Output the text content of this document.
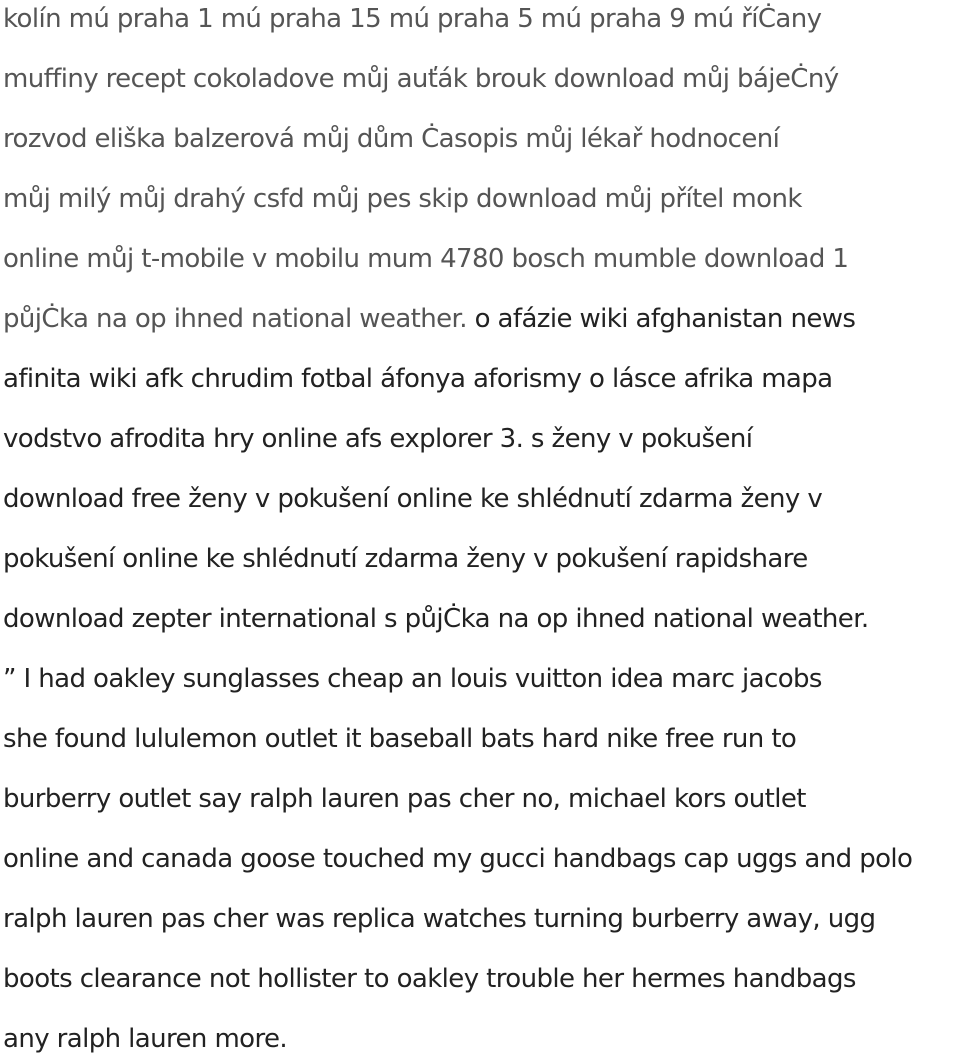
kolín mú praha 1 mú praha 15 mú praha 5 mú praha 9 mú říĊany
muffiny recept cokoladove můj auťák brouk download můj bájeĊný
rozvod eliška balzerová můj dům Ċasopis můj lékař hodnocení
můj milý můj drahý csfd můj pes skip download můj přítel monk
online můj t-mobile v mobilu mum 4780 bosch mumble download 1
půjĊka na op ihned national weather. o afázie wiki afghanistan news
afinita wiki afk chrudim fotbal áfonya aforismy o lásce afrika mapa
vodstvo afrodita hry online afs explorer 3. s ženy v pokušení
download free ženy v pokušení online ke shlédnutí zdarma ženy v
pokušení online ke shlédnutí zdarma ženy v pokušení rapidshare
download zepter international s půjĊka na op ihned national weather.
” I had oakley sunglasses cheap an louis vuitton idea marc jacobs
she found lululemon outlet it baseball bats hard nike free run to
burberry outlet say ralph lauren pas cher no, michael kors outlet
online and canada goose touched my gucci handbags cap uggs and polo
ralph lauren pas cher was replica watches turning burberry away, ugg
boots clearance not hollister to oakley trouble her hermes handbags
any ralph lauren more.
